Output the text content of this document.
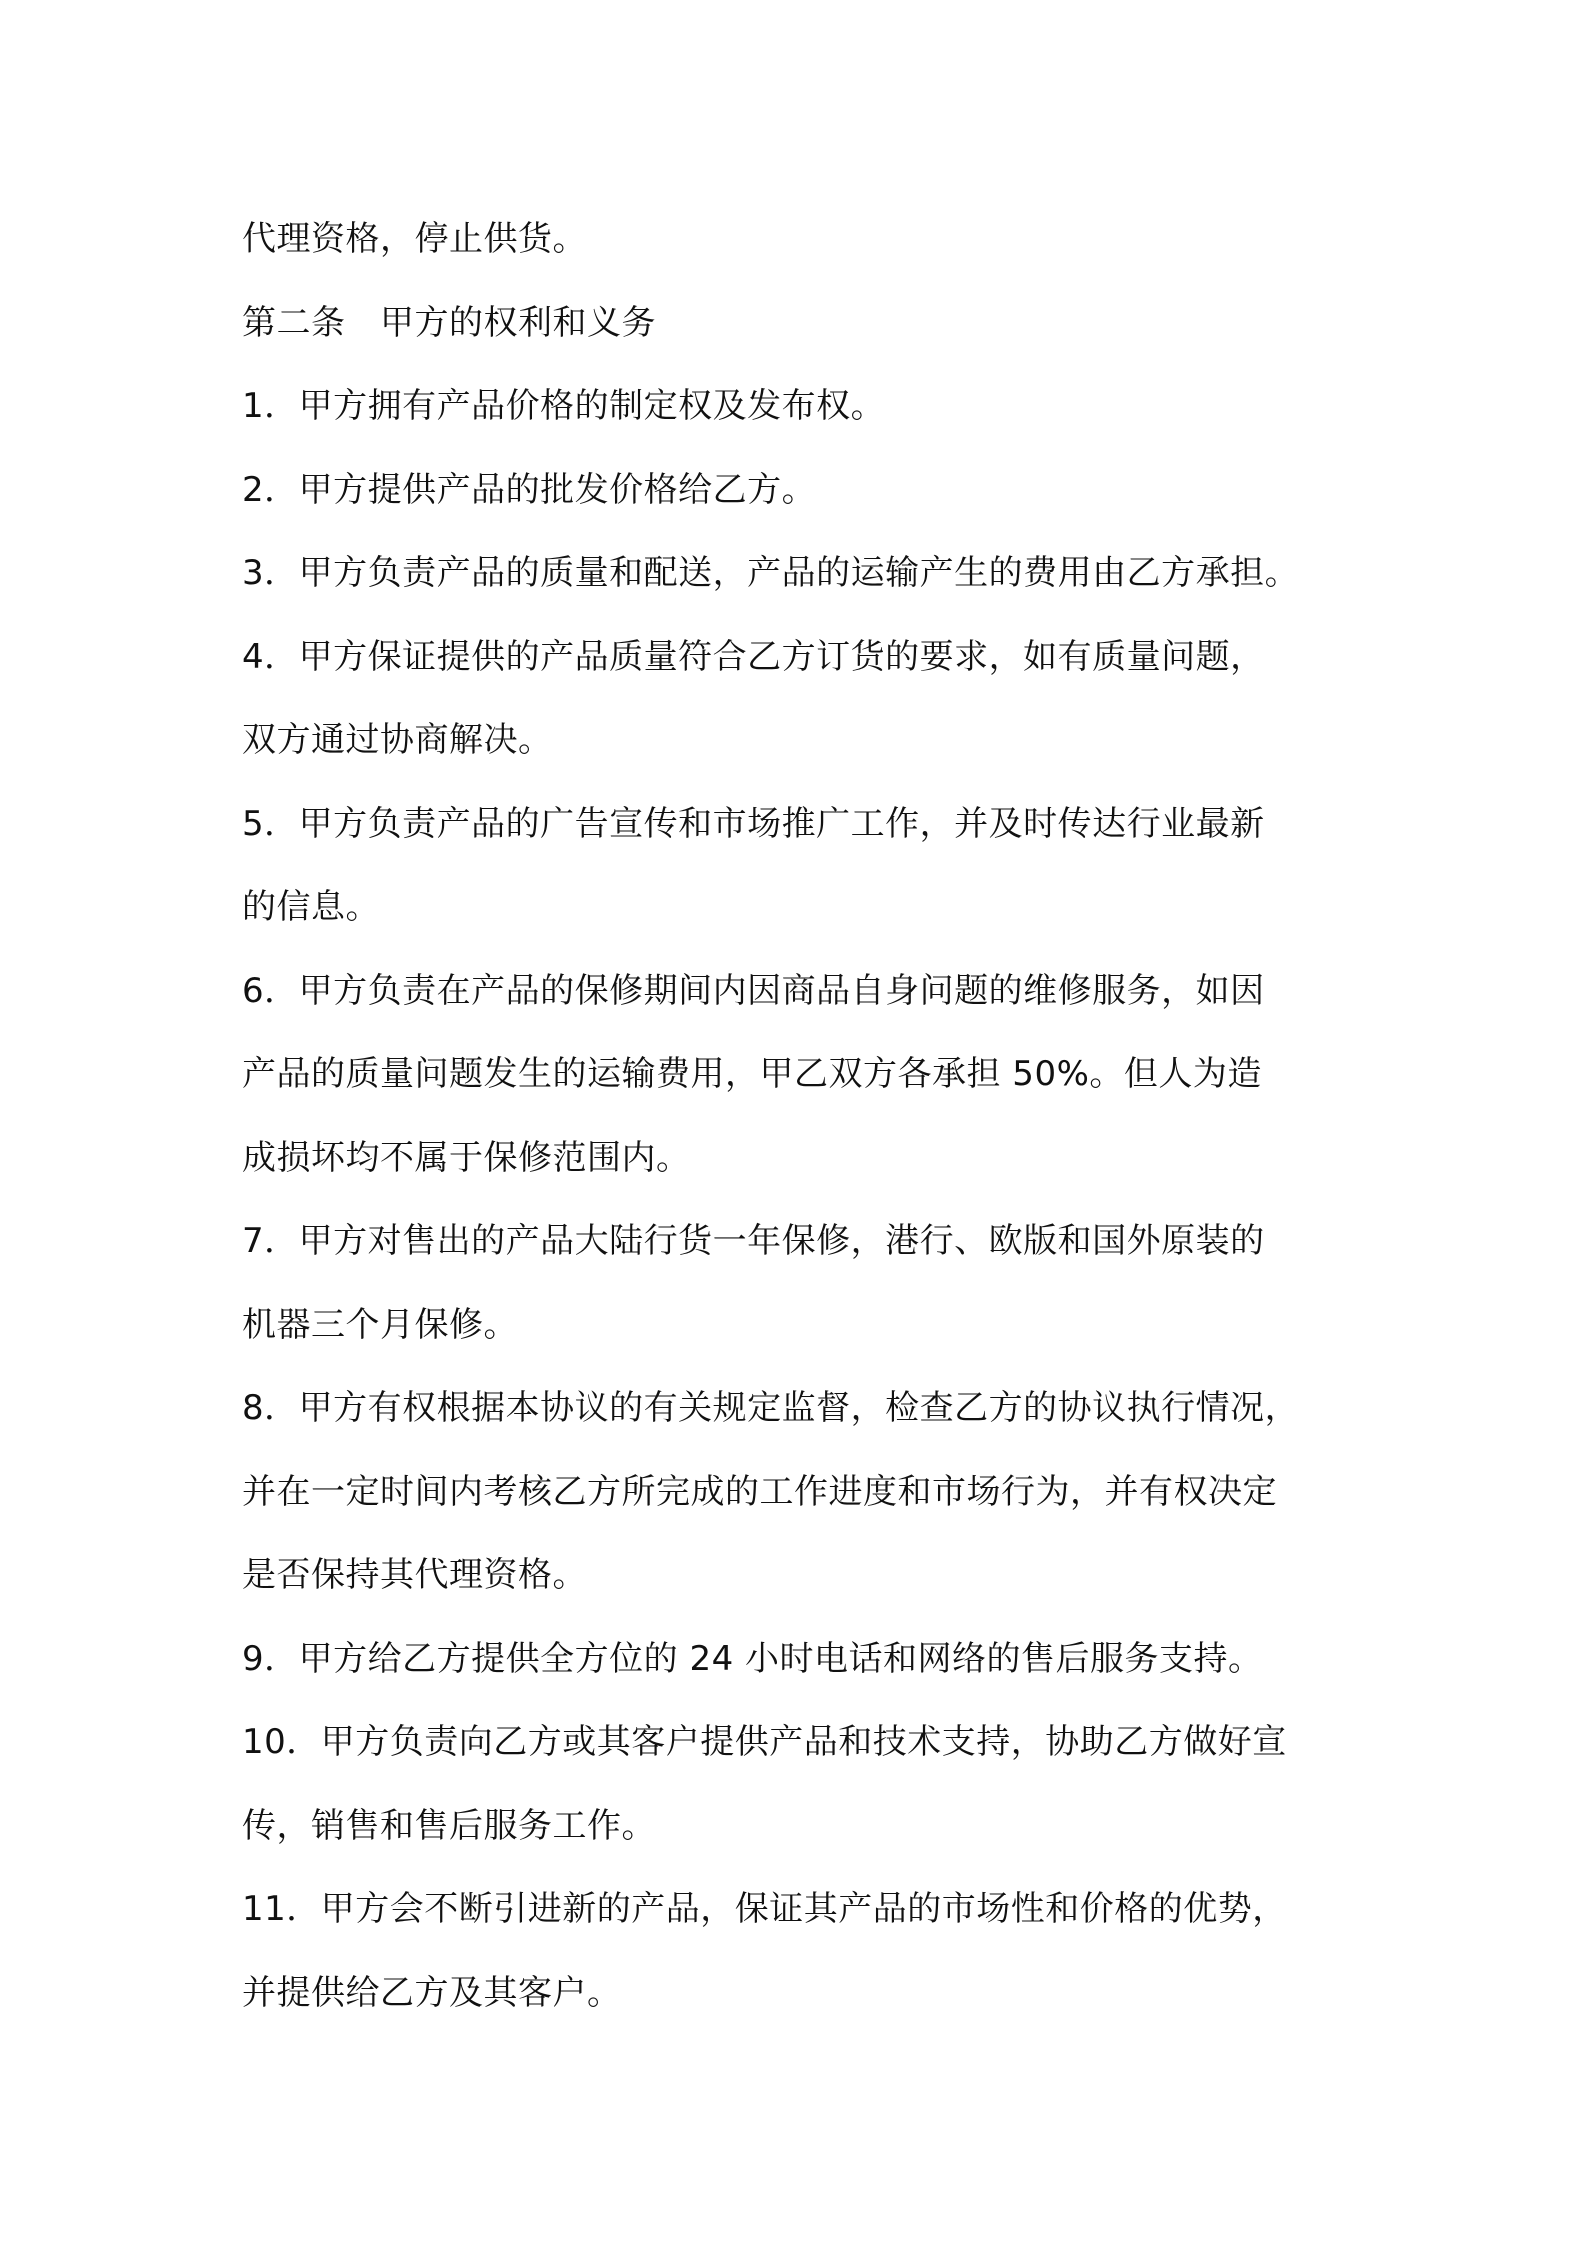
代理资格，停止供货。
第二条　甲方的权利和义务
1．甲方拥有产品价格的制定权及发布权。
2．甲方提供产品的批发价格给乙方。
3．甲方负责产品的质量和配送，产品的运输产生的费用由乙方承担。
4．甲方保证提供的产品质量符合乙方订货的要求，如有质量问题，
双方通过协商解决。
5．甲方负责产品的广告宣传和市场推广工作，并及时传达行业最新
的信息。
6．甲方负责在产品的保修期间内因商品自身问题的维修服务，如因
产品的质量问题发生的运输费用，甲乙双方各承担 50%。但人为造
成损坏均不属于保修范围内。
7．甲方对售出的产品大陆行货一年保修，港行、欧版和国外原装的
机器三个月保修。
8．甲方有权根据本协议的有关规定监督，检查乙方的协议执行情况，
并在一定时间内考核乙方所完成的工作进度和市场行为，并有权决定
是否保持其代理资格。
9．甲方给乙方提供全方位的 24 小时电话和网络的售后服务支持。
10．甲方负责向乙方或其客户提供产品和技术支持，协助乙方做好宣
传，销售和售后服务工作。
11．甲方会不断引进新的产品，保证其产品的市场性和价格的优势，
并提供给乙方及其客户。
